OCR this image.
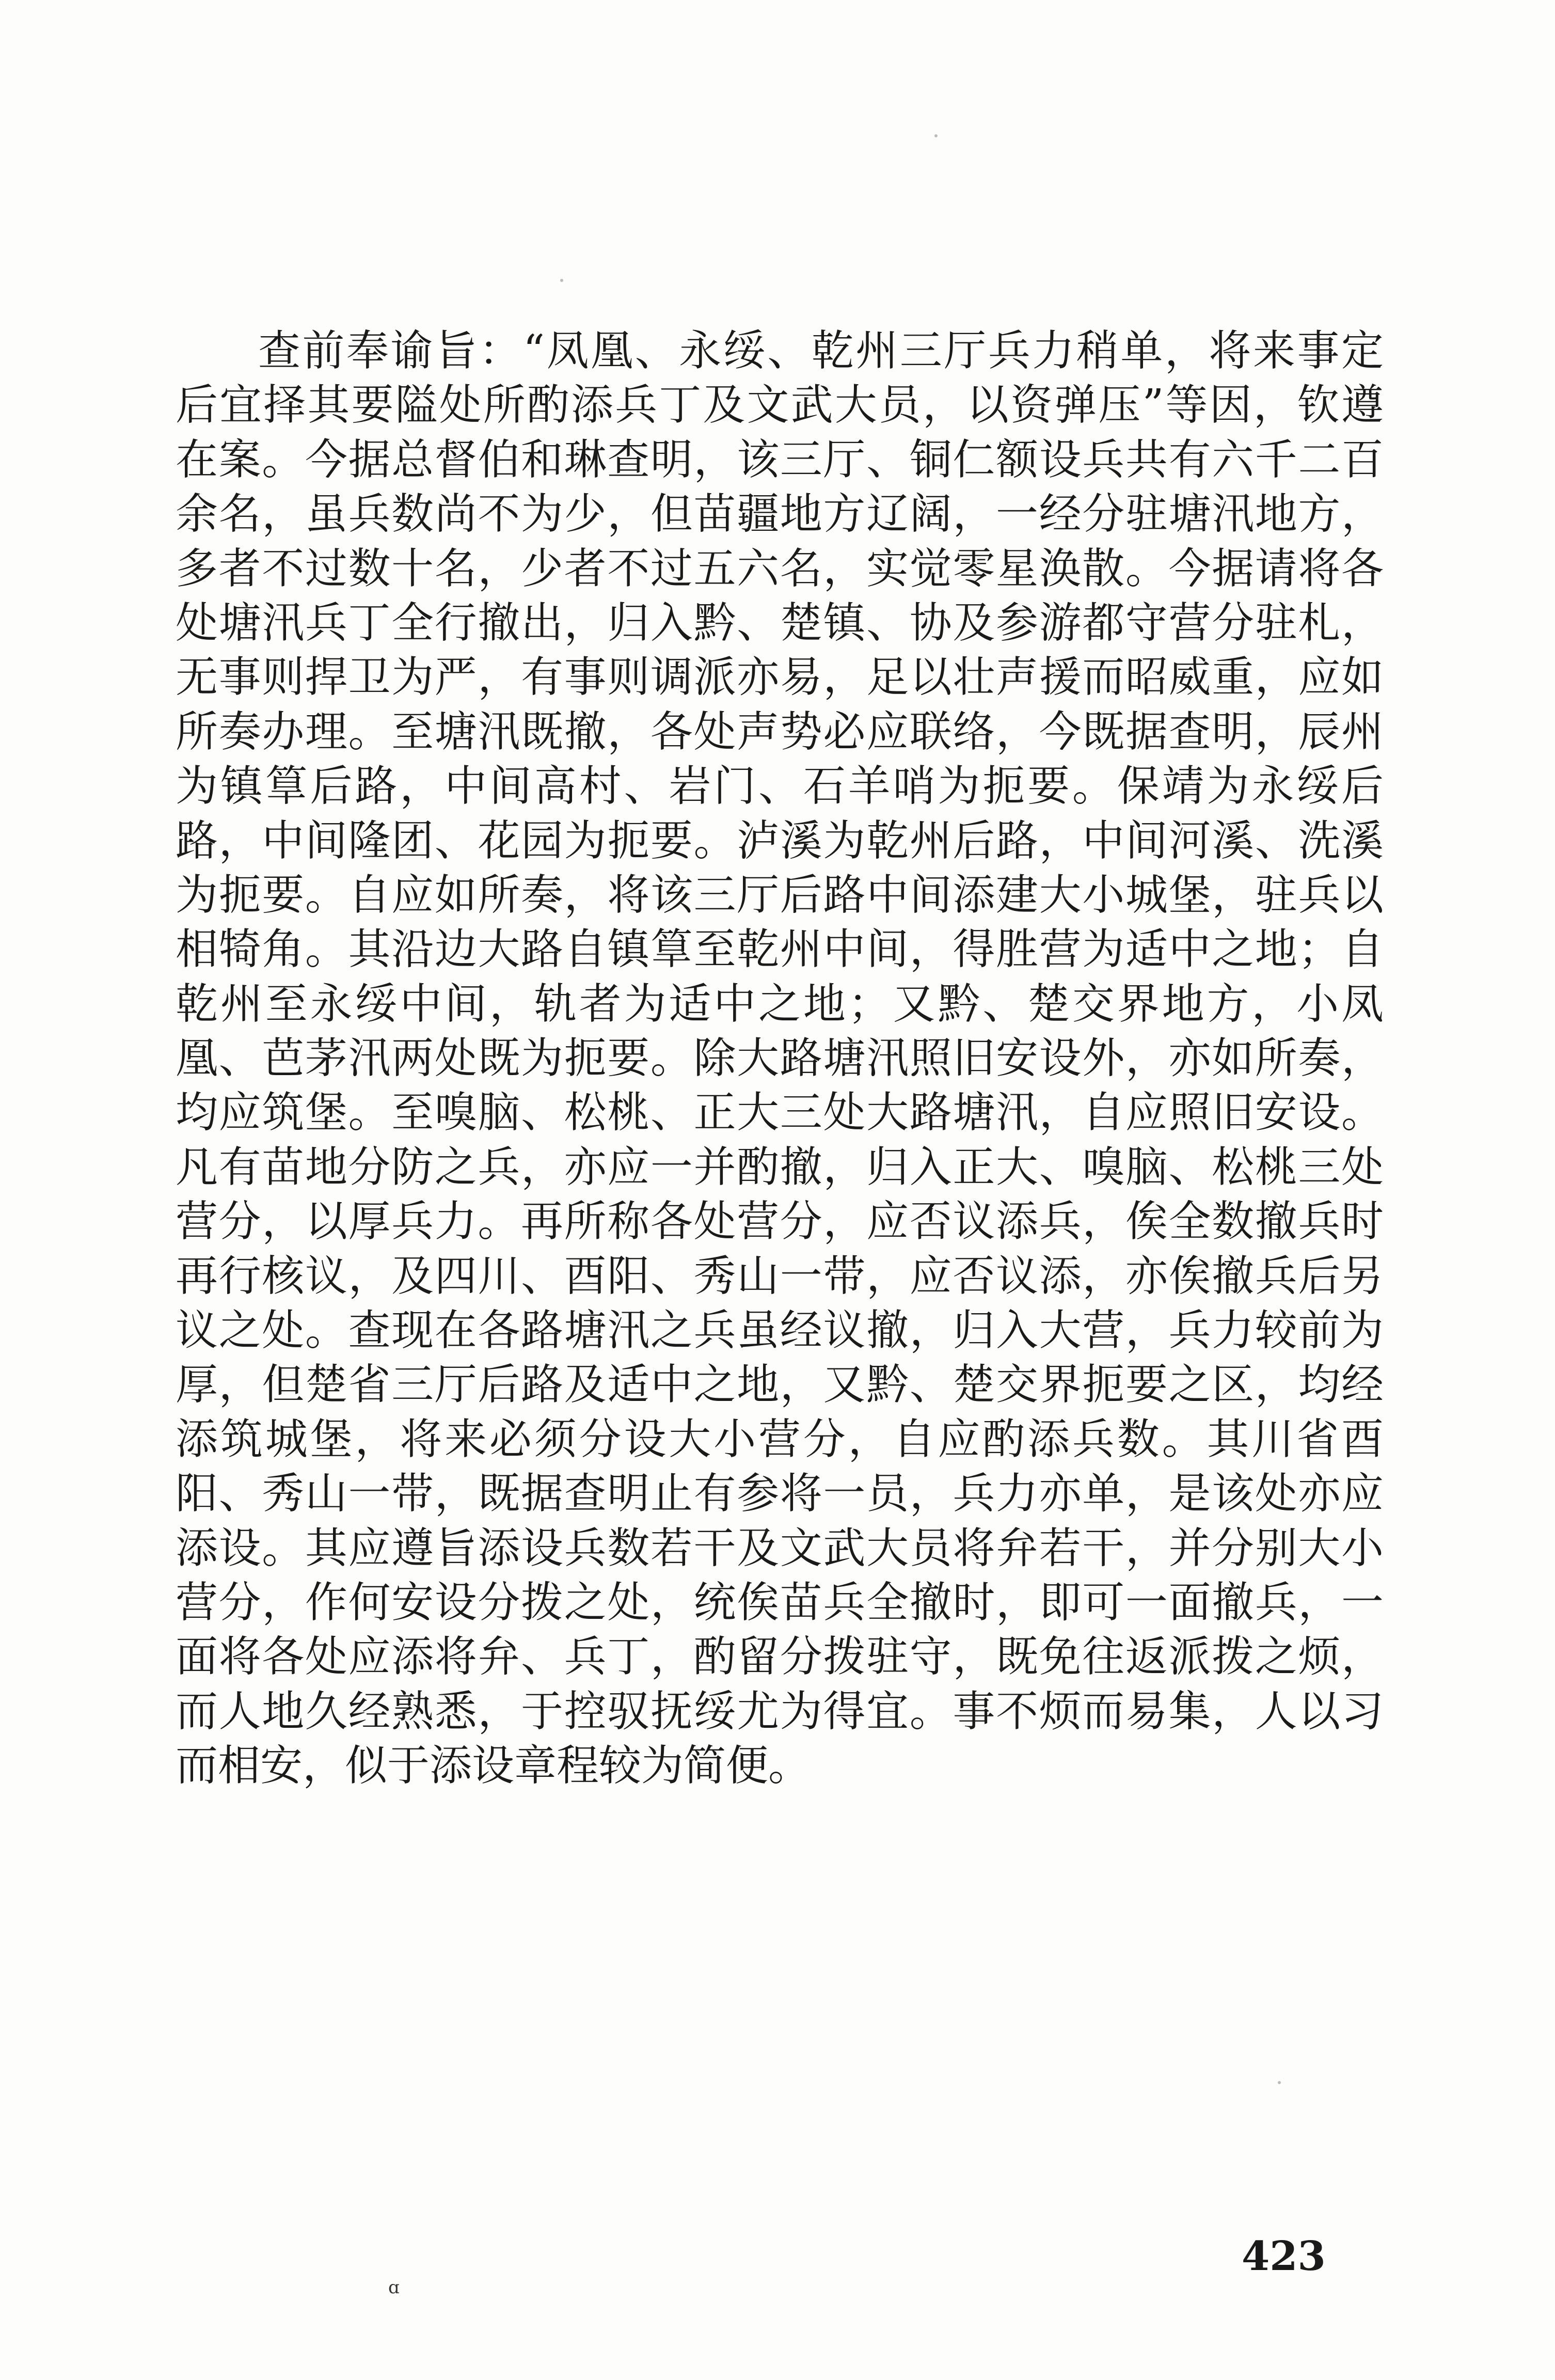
查前奉谕旨：“凤凰、永绥、乾州三厅兵力稍单，将来事定
后宜择其要隘处所酌添兵丁及文武大员，以资弹压”等因，钦遵
在案。今据总督伯和琳查明，该三厅、铜仁额设兵共有六千二百
余名，虽兵数尚不为少，但苗疆地方辽阔，一经分驻塘汛地方，
多者不过数十名，少者不过五六名，实觉零星涣散。今据请将各
处塘汛兵丁全行撤出，归入黔、楚镇、协及参游都守营分驻札，
无事则捍卫为严，有事则调派亦易，足以壮声援而昭威重，应如
所奏办理。至塘汛既撤，各处声势必应联络，今既据查明，辰州
为镇筸后路，中间高村、岩门、石羊哨为扼要。保靖为永绥后
路，中间隆团、花园为扼要。泸溪为乾州后路，中间河溪、洗溪
为扼要。自应如所奏，将该三厅后路中间添建大小城堡，驻兵以
相犄角。其沿边大路自镇筸至乾州中间，得胜营为适中之地；自
乾州至永绥中间，轨者为适中之地；又黔、楚交界地方，小凤
凰、芭茅汛两处既为扼要。除大路塘汛照旧安设外，亦如所奏，
均应筑堡。至嗅脑、松桃、正大三处大路塘汛，自应照旧安设。
凡有苗地分防之兵，亦应一并酌撤，归入正大、嗅脑、松桃三处
营分，以厚兵力。再所称各处营分，应否议添兵，俟全数撤兵时
再行核议，及四川、酉阳、秀山一带，应否议添，亦俟撤兵后另
议之处。查现在各路塘汛之兵虽经议撤，归入大营，兵力较前为
厚，但楚省三厅后路及适中之地，又黔、楚交界扼要之区，均经
添筑城堡，将来必须分设大小营分，自应酌添兵数。其川省酉
阳、秀山一带，既据查明止有参将一员，兵力亦单，是该处亦应
添设。其应遵旨添设兵数若干及文武大员将弁若干，并分别大小
营分，作何安设分拨之处，统俟苗兵全撤时，即可一面撤兵，一
面将各处应添将弁、兵丁，酌留分拨驻守，既免往返派拨之烦，
而人地久经熟悉，于控驭抚绥尤为得宜。事不烦而易集，人以习
而相安，似于添设章程较为简便。
423
ɑ
